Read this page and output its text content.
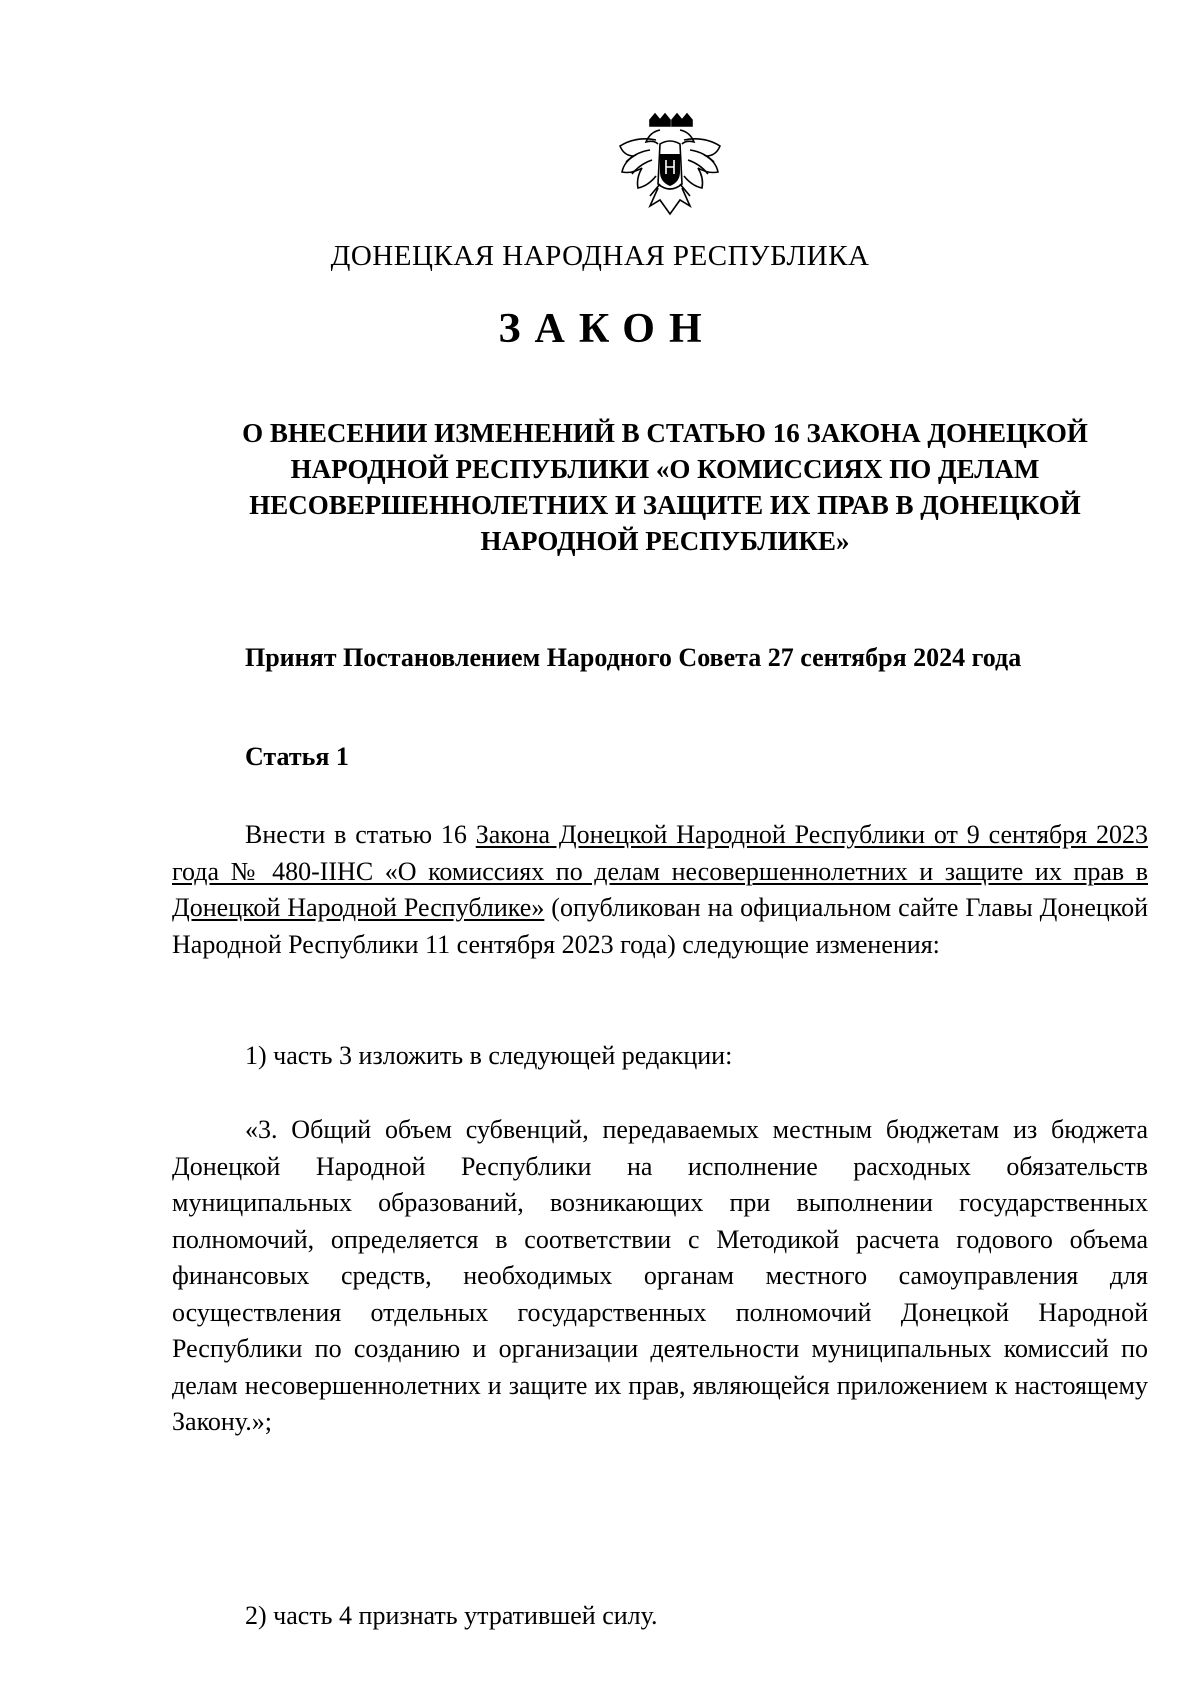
ДОНЕЦКАЯ НАРОДНАЯ РЕСПУБЛИКА
ЗАКОН
О ВНЕСЕНИИ ИЗМЕНЕНИЙ В СТАТЬЮ 16 ЗАКОНА ДОНЕЦКОЙ НАРОДНОЙ РЕСПУБЛИКИ «О КОМИССИЯХ ПО ДЕЛАМ НЕСОВЕРШЕННОЛЕТНИХ И ЗАЩИТЕ ИХ ПРАВ В ДОНЕЦКОЙ НАРОДНОЙ РЕСПУБЛИКЕ»
Принят Постановлением Народного Совета 27 сентября 2024 года
Статья 1
Внести в статью 16 Закона Донецкой Народной Республики от 9 сентября 2023 года № 480-IIНС «О комиссиях по делам несовершеннолетних и защите их прав в Донецкой Народной Республике» (опубликован на официальном сайте Главы Донецкой Народной Республики 11 сентября 2023 года) следующие изменения:
1) часть 3 изложить в следующей редакции:
«3. Общий объем субвенций, передаваемых местным бюджетам из бюджета Донецкой Народной Республики на исполнение расходных обязательств муниципальных образований, возникающих при выполнении государственных полномочий, определяется в соответствии с Методикой расчета годового объема финансовых средств, необходимых органам местного самоуправления для осуществления отдельных государственных полномочий Донецкой Народной Республики по созданию и организации деятельности муниципальных комиссий по делам несовершеннолетних и защите их прав, являющейся приложением к настоящему Закону.»;
2) часть 4 признать утратившей силу.
